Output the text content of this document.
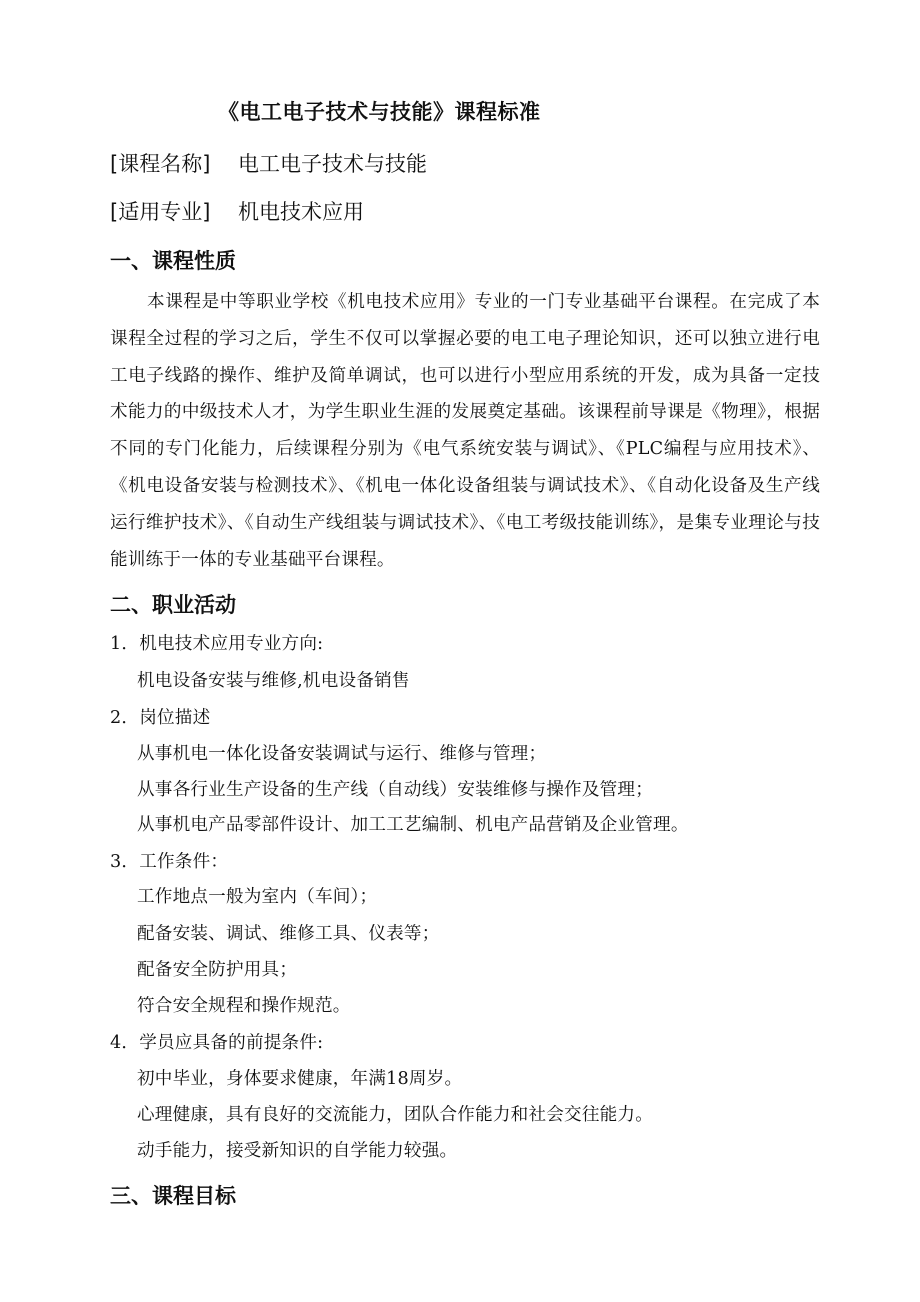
《电工电子技术与技能》课程标准
[课程名称] 电工电子技术与技能
[适用专业] 机电技术应用
一、课程性质
本课程是中等职业学校《机电技术应用》专业的一门专业基础平台课程。在完成了本课程全过程的学习之后，学生不仅可以掌握必要的电工电子理论知识，还可以独立进行电工电子线路的操作、维护及简单调试，也可以进行小型应用系统的开发，成为具备一定技术能力的中级技术人才，为学生职业生涯的发展奠定基础。该课程前导课是《物理》，根据不同的专门化能力，后续课程分别为《电气系统安装与调试》、《PLC编程与应用技术》、《机电设备安装与检测技术》、《机电一体化设备组装与调试技术》、《自动化设备及生产线运行维护技术》、《自动生产线组装与调试技术》、《电工考级技能训练》，是集专业理论与技能训练于一体的专业基础平台课程。
二、职业活动
1．机电技术应用专业方向:
机电设备安装与维修,机电设备销售
2．岗位描述
从事机电一体化设备安装调试与运行、维修与管理；
从事各行业生产设备的生产线（自动线）安装维修与操作及管理；
从事机电产品零部件设计、加工工艺编制、机电产品营销及企业管理。
3．工作条件：
工作地点一般为室内（车间）；
配备安装、调试、维修工具、仪表等；
配备安全防护用具；
符合安全规程和操作规范。
4．学员应具备的前提条件:
初中毕业，身体要求健康，年满18周岁。
心理健康，具有良好的交流能力，团队合作能力和社会交往能力。
动手能力，接受新知识的自学能力较强。
三、课程目标
